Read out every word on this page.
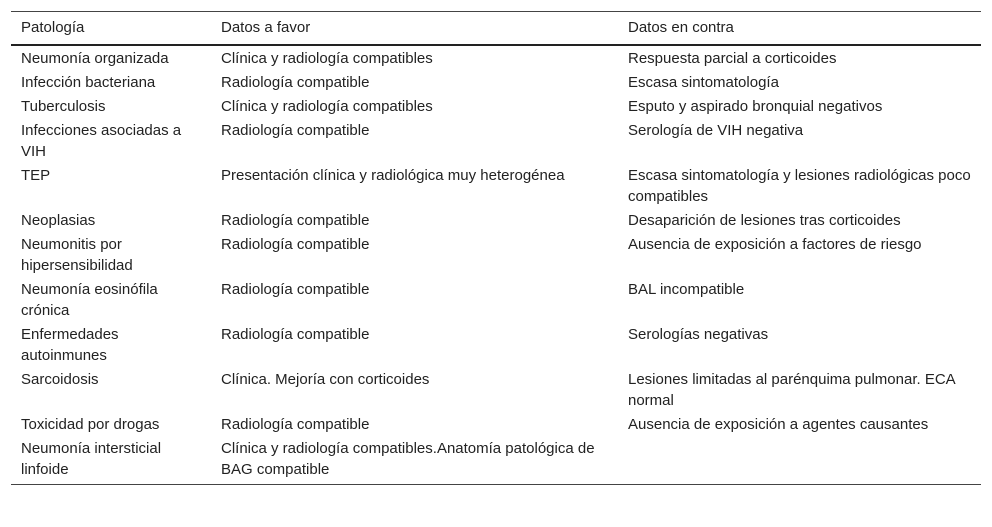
Patología	Datos a favor	Datos en contra
Neumonía organizada	Clínica y radiología compatibles	Respuesta parcial a corticoides
Infección bacteriana	Radiología compatible	Escasa sintomatología
Tuberculosis	Clínica y radiología compatibles	Esputo y aspirado bronquial negativos
Infecciones asociadas a VIH	Radiología compatible	Serología de VIH negativa
TEP	Presentación clínica y radiológica muy heterogénea	Escasa sintomatología y lesiones radiológicas poco compatibles
Neoplasias	Radiología compatible	Desaparición de lesiones tras corticoides
Neumonitis por hipersensibilidad	Radiología compatible	Ausencia de exposición a factores de riesgo
Neumonía eosinófila crónica	Radiología compatible	BAL incompatible
Enfermedades autoinmunes	Radiología compatible	Serologías negativas
Sarcoidosis	Clínica. Mejoría con corticoides	Lesiones limitadas al parénquima pulmonar. ECA normal
Toxicidad por drogas	Radiología compatible	Ausencia de exposición a agentes causantes
Neumonía intersticial linfoide	Clínica y radiología compatibles.Anatomía patológica de BAG compatible	
